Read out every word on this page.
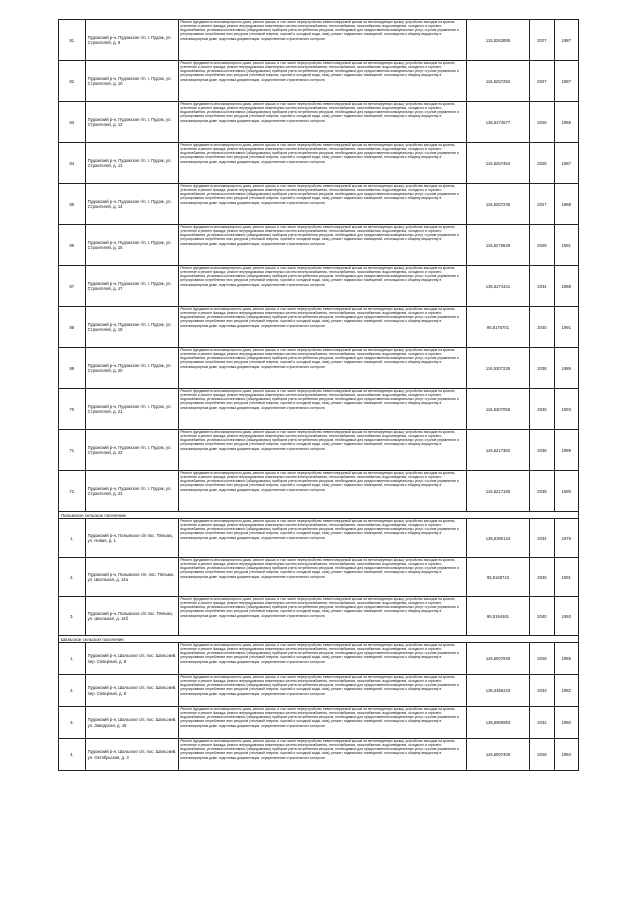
81	Пудожский р-н, Пудожское г/п, г. Пудож, ул. Строителей, д. 9	Ремонт фундамента многоквартирного дома, ремонт крыши, в том числе переустройство невентилируемой крыши на вентилируемую крышу, устройство выходов на кровлю, утепление и ремонт фасада, ремонт внутридомовых инженерных систем электроснабжения, теплоснабжения, газоснабжения, водоотведения, холодного и горячего водоснабжения, установка коллективных (общедомовых) приборов учета потребления ресурсов, необходимых для предоставления коммунальных услуг, и узлов управления и регулирования потребления этих ресурсов (тепловой энергии, горячей и холодной воды, газа), ремонт подвальных помещений, относящихся к общему имуществу в многоквартирном доме, подготовка документации, осуществление строительного контроля	115,5263085	2027	1987
82	Пудожский р-н, Пудожское г/п, г. Пудож, ул. Строителей, д. 10	Ремонт фундамента многоквартирного дома, ремонт крыши, в том числе переустройство невентилируемой крыши на вентилируемую крышу, устройство выходов на кровлю, утепление и ремонт фасада, ремонт внутридомовых инженерных систем электроснабжения, теплоснабжения, газоснабжения, водоотведения, холодного и горячего водоснабжения, установка коллективных (общедомовых) приборов учета потребления ресурсов, необходимых для предоставления коммунальных услуг, и узлов управления и регулирования потребления этих ресурсов (тепловой энергии, горячей и холодной воды, газа), ремонт подвальных помещений, относящихся к общему имуществу в многоквартирном доме, подготовка документации, осуществление строительного контроля	115,5267292	2027	1987
83	Пудожский р-н, Пудожское г/п, г. Пудож, ул. Строителей, д. 12	Ремонт фундамента многоквартирного дома, ремонт крыши, в том числе переустройство невентилируемой крыши на вентилируемую крышу, устройство выходов на кровлю, утепление и ремонт фасада, ремонт внутридомовых инженерных систем электроснабжения, теплоснабжения, газоснабжения, водоотведения, холодного и горячего водоснабжения, установка коллективных (общедомовых) приборов учета потребления ресурсов, необходимых для предоставления коммунальных услуг, и узлов управления и регулирования потребления этих ресурсов (тепловой энергии, горячей и холодной воды, газа), ремонт подвальных помещений, относящихся к общему имуществу в многоквартирном доме, подготовка документации, осуществление строительного контроля	136,5274677	2025	1986
84	Пудожский р-н, Пудожское г/п, г. Пудож, ул. Строителей, д. 13	Ремонт фундамента многоквартирного дома, ремонт крыши, в том числе переустройство невентилируемой крыши на вентилируемую крышу, устройство выходов на кровлю, утепление и ремонт фасада, ремонт внутридомовых инженерных систем электроснабжения, теплоснабжения, газоснабжения, водоотведения, холодного и горячего водоснабжения, установка коллективных (общедомовых) приборов учета потребления ресурсов, необходимых для предоставления коммунальных услуг, и узлов управления и регулирования потребления этих ресурсов (тепловой энергии, горячей и холодной воды, газа), ремонт подвальных помещений, относящихся к общему имуществу в многоквартирном доме, подготовка документации, осуществление строительного контроля	115,5267484	2026	1987
85	Пудожский р-н, Пудожское г/п, г. Пудож, ул. Строителей, д. 14	Ремонт фундамента многоквартирного дома, ремонт крыши, в том числе переустройство невентилируемой крыши на вентилируемую крышу, устройство выходов на кровлю, утепление и ремонт фасада, ремонт внутридомовых инженерных систем электроснабжения, теплоснабжения, газоснабжения, водоотведения, холодного и горячего водоснабжения, установка коллективных (общедомовых) приборов учета потребления ресурсов, необходимых для предоставления коммунальных услуг, и узлов управления и регулирования потребления этих ресурсов (тепловой энергии, горячей и холодной воды, газа), ремонт подвальных помещений, относящихся к общему имуществу в многоквартирном доме, подготовка документации, осуществление строительного контроля	115,5267238	2027	1988
86	Пудожский р-н, Пудожское г/п, г. Пудож, ул. Строителей, д. 15	Ремонт фундамента многоквартирного дома, ремонт крыши, в том числе переустройство невентилируемой крыши на вентилируемую крышу, устройство выходов на кровлю, утепление и ремонт фасада, ремонт внутридомовых инженерных систем электроснабжения, теплоснабжения, газоснабжения, водоотведения, холодного и горячего водоснабжения, установка коллективных (общедомовых) приборов учета потребления ресурсов, необходимых для предоставления коммунальных услуг, и узлов управления и регулирования потребления этих ресурсов (тепловой энергии, горячей и холодной воды, газа), ремонт подвальных помещений, относящихся к общему имуществу в многоквартирном доме, подготовка документации, осуществление строительного контроля	115,5276539	2028	1991
87	Пудожский р-н, Пудожское г/п, г. Пудож, ул. Строителей, д. 17	Ремонт фундамента многоквартирного дома, ремонт крыши, в том числе переустройство невентилируемой крыши на вентилируемую крышу, устройство выходов на кровлю, утепление и ремонт фасада, ремонт внутридомовых инженерных систем электроснабжения, теплоснабжения, газоснабжения, водоотведения, холодного и горячего водоснабжения, установка коллективных (общедомовых) приборов учета потребления ресурсов, необходимых для предоставления коммунальных услуг, и узлов управления и регулирования потребления этих ресурсов (тепловой энергии, горячей и холодной воды, газа), ремонт подвальных помещений, относящихся к общему имуществу в многоквартирном доме, подготовка документации, осуществление строительного контроля	135,5274441	2034	1988
88	Пудожский р-н, Пудожское г/п, г. Пудож, ул. Строителей, д. 18	Ремонт фундамента многоквартирного дома, ремонт крыши, в том числе переустройство невентилируемой крыши на вентилируемую крышу, устройство выходов на кровлю, утепление и ремонт фасада, ремонт внутридомовых инженерных систем электроснабжения, теплоснабжения, газоснабжения, водоотведения, холодного и горячего водоснабжения, установка коллективных (общедомовых) приборов учета потребления ресурсов, необходимых для предоставления коммунальных услуг, и узлов управления и регулирования потребления этих ресурсов (тепловой энергии, горячей и холодной воды, газа), ремонт подвальных помещений, относящихся к общему имуществу в многоквартирном доме, подготовка документации, осуществление строительного контроля	95,5176701	2040	1991
89	Пудожский р-н, Пудожское г/п, г. Пудож, ул. Строителей, д. 20	Ремонт фундамента многоквартирного дома, ремонт крыши, в том числе переустройство невентилируемой крыши на вентилируемую крышу, устройство выходов на кровлю, утепление и ремонт фасада, ремонт внутридомовых инженерных систем электроснабжения, теплоснабжения, газоснабжения, водоотведения, холодного и горячего водоснабжения, установка коллективных (общедомовых) приборов учета потребления ресурсов, необходимых для предоставления коммунальных услуг, и узлов управления и регулирования потребления этих ресурсов (тепловой энергии, горячей и холодной воды, газа), ремонт подвальных помещений, относящихся к общему имуществу в многоквартирном доме, подготовка документации, осуществление строительного контроля	116,5307235	2038	1989
70	Пудожский р-н, Пудожское г/п, г. Пудож, ул. Строителей, д. 21	Ремонт фундамента многоквартирного дома, ремонт крыши, в том числе переустройство невентилируемой крыши на вентилируемую крышу, устройство выходов на кровлю, утепление и ремонт фасада, ремонт внутридомовых инженерных систем электроснабжения, теплоснабжения, газоснабжения, водоотведения, холодного и горячего водоснабжения, установка коллективных (общедомовых) приборов учета потребления ресурсов, необходимых для предоставления коммунальных услуг, и узлов управления и регулирования потребления этих ресурсов (тепловой энергии, горячей и холодной воды, газа), ремонт подвальных помещений, относящихся к общему имуществу в многоквартирном доме, подготовка документации, осуществление строительного контроля	115,5307055	2040	1993
71	Пудожский р-н, Пудожское г/п, г. Пудож, ул. Строителей, д. 22	Ремонт фундамента многоквартирного дома, ремонт крыши, в том числе переустройство невентилируемой крыши на вентилируемую крышу, устройство выходов на кровлю, утепление и ремонт фасада, ремонт внутридомовых инженерных систем электроснабжения, теплоснабжения, газоснабжения, водоотведения, холодного и горячего водоснабжения, установка коллективных (общедомовых) приборов учета потребления ресурсов, необходимых для предоставления коммунальных услуг, и узлов управления и регулирования потребления этих ресурсов (тепловой энергии, горячей и холодной воды, газа), ремонт подвальных помещений, относящихся к общему имуществу в многоквартирном доме, подготовка документации, осуществление строительного контроля	115,5217382	2038	1989
72	Пудожский р-н, Пудожское г/п, г. Пудож, ул. Строителей, д. 23	Ремонт фундамента многоквартирного дома, ремонт крыши, в том числе переустройство невентилируемой крыши на вентилируемую крышу, устройство выходов на кровлю, утепление и ремонт фасада, ремонт внутридомовых инженерных систем электроснабжения, теплоснабжения, газоснабжения, водоотведения, холодного и горячего водоснабжения, установка коллективных (общедомовых) приборов учета потребления ресурсов, необходимых для предоставления коммунальных услуг, и узлов управления и регулирования потребления этих ресурсов (тепловой энергии, горячей и холодной воды, газа), ремонт подвальных помещений, относящихся к общему имуществу в многоквартирном доме, подготовка документации, осуществление строительного контроля	115,5217185	2039	1990
Пальмское сельское поселение					
1.	Пудожский р-н, Пальмское с/п пос. Пяльма, ул. Новая, д. 1	Ремонт фундамента многоквартирного дома, ремонт крыши, в том числе переустройство невентилируемой крыши на вентилируемую крышу, устройство выходов на кровлю, утепление и ремонт фасада, ремонт внутридомовых инженерных систем электроснабжения, теплоснабжения, газоснабжения, водоотведения, холодного и горячего водоснабжения, установка коллективных (общедомовых) приборов учета потребления ресурсов, необходимых для предоставления коммунальных услуг, и узлов управления и регулирования потребления этих ресурсов (тепловой энергии, горячей и холодной воды, газа), ремонт подвальных помещений, относящихся к общему имуществу в многоквартирном доме, подготовка документации, осуществление строительного контроля	135,5380134	2034	1978
2.	Пудожский р-н, Пальмское с/п, пос. Пяльма, ул. Школьная, д. 14а	Ремонт фундамента многоквартирного дома, ремонт крыши, в том числе переустройство невентилируемой крыши на вентилируемую крышу, устройство выходов на кровлю, утепление и ремонт фасада, ремонт внутридомовых инженерных систем электроснабжения, теплоснабжения, газоснабжения, водоотведения, холодного и горячего водоснабжения, установка коллективных (общедомовых) приборов учета потребления ресурсов, необходимых для предоставления коммунальных услуг, и узлов управления и регулирования потребления этих ресурсов (тепловой энергии, горячей и холодной воды, газа), ремонт подвальных помещений, относящихся к общему имуществу в многоквартирном доме, подготовка документации, осуществление строительного контроля	95,5168743	2040	1991
3.	Пудожский р-н, Пальмское с/п пос. Пяльма, ул. Школьная, д. 14б	Ремонт фундамента многоквартирного дома, ремонт крыши, в том числе переустройство невентилируемой крыши на вентилируемую крышу, устройство выходов на кровлю, утепление и ремонт фасада, ремонт внутридомовых инженерных систем электроснабжения, теплоснабжения, газоснабжения, водоотведения, холодного и горячего водоснабжения, установка коллективных (общедомовых) приборов учета потребления ресурсов, необходимых для предоставления коммунальных услуг, и узлов управления и регулирования потребления этих ресурсов (тепловой энергии, горячей и холодной воды, газа), ремонт подвальных помещений, относящихся к общему имуществу в многоквартирном доме, подготовка документации, осуществление строительного контроля	95,5194481	2040	1993
Шальское сельское поселение					
1.	Пудожский р-н, Шальское с/п, пос. Шальский, пер. Северный, д. 8	Ремонт фундамента многоквартирного дома, ремонт крыши, в том числе переустройство невентилируемой крыши на вентилируемую крышу, устройство выходов на кровлю, утепление и ремонт фасада, ремонт внутридомовых инженерных систем электроснабжения, теплоснабжения, газоснабжения, водоотведения, холодного и горячего водоснабжения, установка коллективных (общедомовых) приборов учета потребления ресурсов, необходимых для предоставления коммунальных услуг, и узлов управления и регулирования потребления этих ресурсов (тепловой энергии, горячей и холодной воды, газа), ремонт подвальных помещений, относящихся к общему имуществу в многоквартирном доме, подготовка документации, осуществление строительного контроля	115,5007848	2029	1985
2.	Пудожский р-н, Шальское с/п, пос. Шальский, пер. Северный, д. 6	Ремонт фундамента многоквартирного дома, ремонт крыши, в том числе переустройство невентилируемой крыши на вентилируемую крышу, устройство выходов на кровлю, утепление и ремонт фасада, ремонт внутридомовых инженерных систем электроснабжения, теплоснабжения, газоснабжения, водоотведения, холодного и горячего водоснабжения, установка коллективных (общедомовых) приборов учета потребления ресурсов, необходимых для предоставления коммунальных услуг, и узлов управления и регулирования потребления этих ресурсов (тепловой энергии, горячей и холодной воды, газа), ремонт подвальных помещений, относящихся к общему имуществу в многоквартирном доме, подготовка документации, осуществление строительного контроля	135,3456233	2033	1982
3.	Пудожский р-н, Шальское с/п, пос. Шальский, ул. Заводская, д. 15	Ремонт фундамента многоквартирного дома, ремонт крыши, в том числе переустройство невентилируемой крыши на вентилируемую крышу, устройство выходов на кровлю, утепление и ремонт фасада, ремонт внутридомовых инженерных систем электроснабжения, теплоснабжения, газоснабжения, водоотведения, холодного и горячего водоснабжения, установка коллективных (общедомовых) приборов учета потребления ресурсов, необходимых для предоставления коммунальных услуг, и узлов управления и регулирования потребления этих ресурсов (тепловой энергии, горячей и холодной воды, газа), ремонт подвальных помещений, относящихся к общему имуществу в многоквартирном доме, подготовка документации, осуществление строительного контроля	135,5900883	2032	1980
4.	Пудожский р-н, Шальское с/п, пос. Шальский, ул. Октябрьская, д. 3	Ремонт фундамента многоквартирного дома, ремонт крыши, в том числе переустройство невентилируемой крыши на вентилируемую крышу, устройство выходов на кровлю, утепление и ремонт фасада, ремонт внутридомовых инженерных систем электроснабжения, теплоснабжения, газоснабжения, водоотведения, холодного и горячего водоснабжения, установка коллективных (общедомовых) приборов учета потребления ресурсов, необходимых для предоставления коммунальных услуг, и узлов управления и регулирования потребления этих ресурсов (тепловой энергии, горячей и холодной воды, газа), ремонт подвальных помещений, относящихся к общему имуществу в многоквартирном доме, подготовка документации, осуществление строительного контроля	115,5007409	2028	1984
